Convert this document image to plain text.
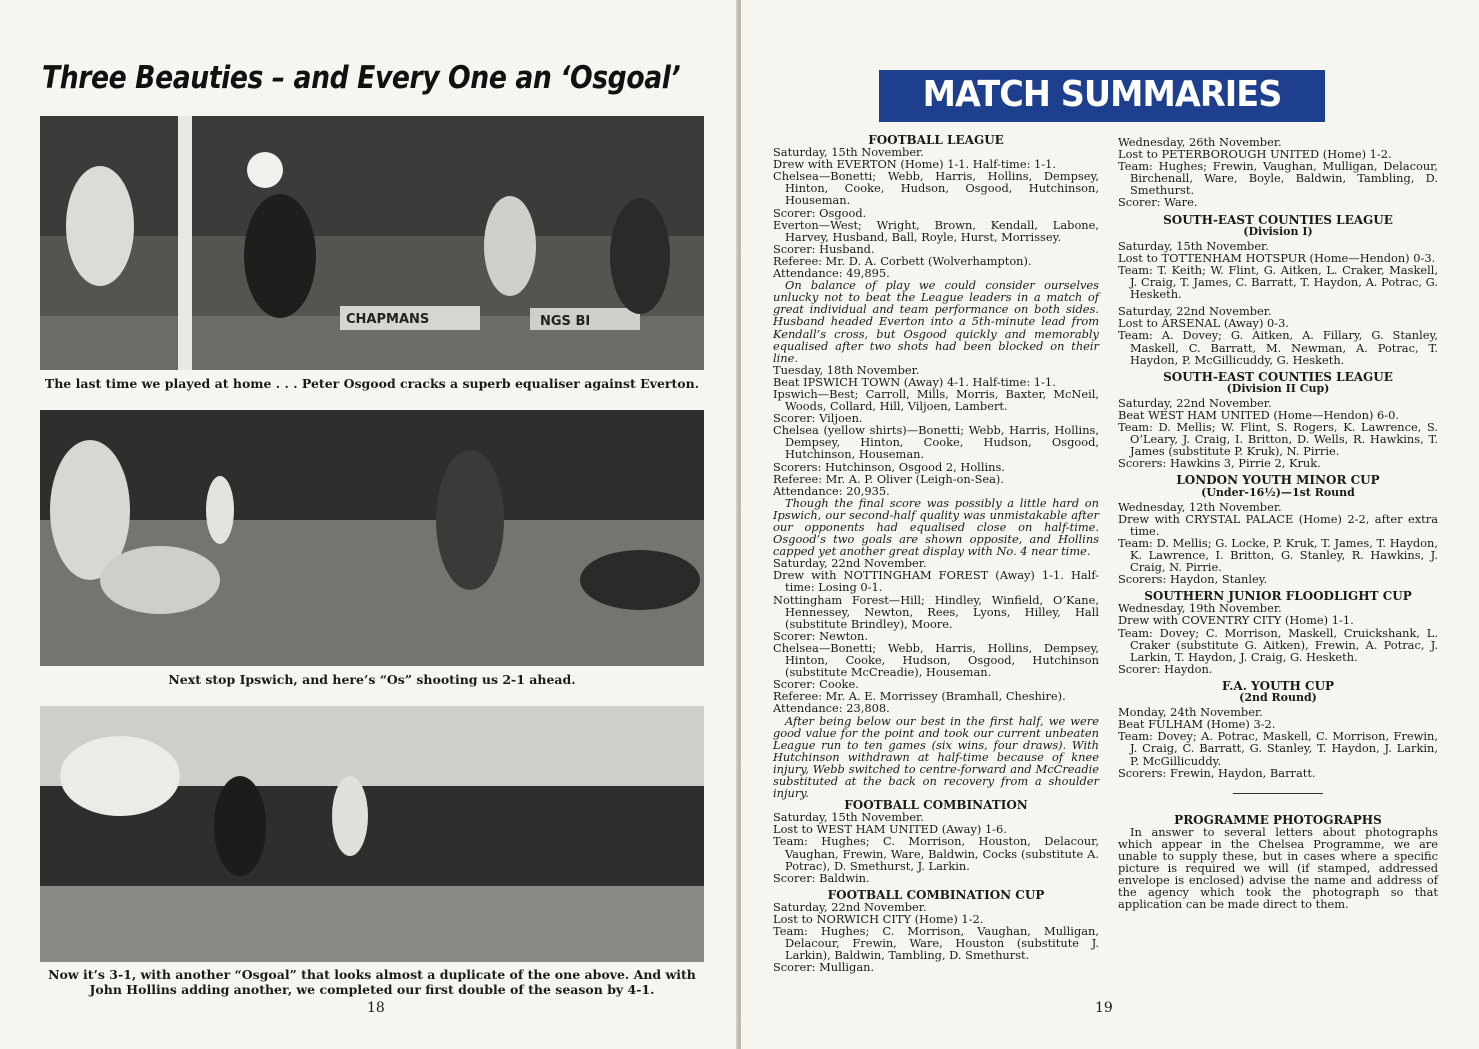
Three Beauties – and Every One an ‘Osgoal’
CHAPMANS	NGS BI
The last time we played at home . . . Peter Osgood cracks a superb equaliser against Everton.
Next stop Ipswich, and here’s “Os” shooting us 2-1 ahead.
Now it’s 3-1, with another “Osgoal” that looks almost a duplicate of the one above. And with John Hollins adding another, we completed our first double of the season by 4-1.
18
MATCH SUMMARIES

FOOTBALL LEAGUE

Saturday, 15th November.

Drew with EVERTON (Home) 1-1. Half-time: 1-1.

Chelsea—Bonetti; Webb, Harris, Hollins, Dempsey, Hinton, Cooke, Hudson, Osgood, Hutchinson, Houseman.

Scorer: Osgood.

Everton—West; Wright, Brown, Kendall, Labone, Harvey, Husband, Ball, Royle, Hurst, Morrissey.

Scorer: Husband.

Referee: Mr. D. A. Corbett (Wolverhampton).

Attendance: 49,895.

On balance of play we could consider ourselves unlucky not to beat the League leaders in a match of great individual and team performance on both sides. Husband headed Everton into a 5th-minute lead from Kendall’s cross, but Osgood quickly and memorably equalised after two shots had been blocked on their line.

Tuesday, 18th November.

Beat IPSWICH TOWN (Away) 4-1. Half-time: 1-1.

Ipswich—Best; Carroll, Mills, Morris, Baxter, McNeil, Woods, Collard, Hill, Viljoen, Lambert.

Scorer: Viljoen.

Chelsea (yellow shirts)—Bonetti; Webb, Harris, Hollins, Dempsey, Hinton, Cooke, Hudson, Osgood, Hutchinson, Houseman.

Scorers: Hutchinson, Osgood 2, Hollins.

Referee: Mr. A. P. Oliver (Leigh-on-Sea).

Attendance: 20,935.

Though the final score was possibly a little hard on Ipswich, our second-half quality was unmistakable after our opponents had equalised close on half-time. Osgood’s two goals are shown opposite, and Hollins capped yet another great display with No. 4 near time.

Saturday, 22nd November.

Drew with NOTTINGHAM FOREST (Away) 1-1. Half-time: Losing 0-1.

Nottingham Forest—Hill; Hindley, Winfield, O’Kane, Hennessey, Newton, Rees, Lyons, Hilley, Hall (substitute Brindley), Moore.

Scorer: Newton.

Chelsea—Bonetti; Webb, Harris, Hollins, Dempsey, Hinton, Cooke, Hudson, Osgood, Hutchinson (substitute McCreadie), Houseman.

Scorer: Cooke.

Referee: Mr. A. E. Morrissey (Bramhall, Cheshire).

Attendance: 23,808.

After being below our best in the first half, we were good value for the point and took our current unbeaten League run to ten games (six wins, four draws). With Hutchinson withdrawn at half-time because of knee injury, Webb switched to centre-forward and McCreadie substituted at the back on recovery from a shoulder injury.

FOOTBALL COMBINATION

Saturday, 15th November.

Lost to WEST HAM UNITED (Away) 1-6.

Team: Hughes; C. Morrison, Houston, Delacour, Vaughan, Frewin, Ware, Baldwin, Cocks (substitute A. Potrac), D. Smethurst, J. Larkin.

Scorer: Baldwin.

FOOTBALL COMBINATION CUP

Saturday, 22nd November.

Lost to NORWICH CITY (Home) 1-2.

Team: Hughes; C. Morrison, Vaughan, Mulligan, Delacour, Frewin, Ware, Houston (substitute J. Larkin), Baldwin, Tambling, D. Smethurst.

Scorer: Mulligan.

Wednesday, 26th November.

Lost to PETERBOROUGH UNITED (Home) 1-2.

Team: Hughes; Frewin, Vaughan, Mulligan, Delacour, Birchenall, Ware, Boyle, Baldwin, Tambling, D. Smethurst.

Scorer: Ware.

SOUTH-EAST COUNTIES LEAGUE

(Division I)

Saturday, 15th November.

Lost to TOTTENHAM HOTSPUR (Home—Hendon) 0-3.

Team: T. Keith; W. Flint, G. Aitken, L. Craker, Maskell, J. Craig, T. James, C. Barratt, T. Haydon, A. Potrac, G. Hesketh.

Saturday, 22nd November.

Lost to ARSENAL (Away) 0-3.

Team: A. Dovey; G. Aitken, A. Fillary, G. Stanley, Maskell, C. Barratt, M. Newman, A. Potrac, T. Haydon, P. McGillicuddy, G. Hesketh.

SOUTH-EAST COUNTIES LEAGUE

(Division II Cup)

Saturday, 22nd November.

Beat WEST HAM UNITED (Home—Hendon) 6-0.

Team: D. Mellis; W. Flint, S. Rogers, K. Lawrence, S. O’Leary, J. Craig, I. Britton, D. Wells, R. Hawkins, T. James (substitute P. Kruk), N. Pirrie.

Scorers: Hawkins 3, Pirrie 2, Kruk.

LONDON YOUTH MINOR CUP

(Under-16½)—1st Round

Wednesday, 12th November.

Drew with CRYSTAL PALACE (Home) 2-2, after extra time.

Team: D. Mellis; G. Locke, P. Kruk, T. James, T. Haydon, K. Lawrence, I. Britton, G. Stanley, R. Hawkins, J. Craig, N. Pirrie.

Scorers: Haydon, Stanley.

SOUTHERN JUNIOR FLOODLIGHT CUP

Wednesday, 19th November.

Drew with COVENTRY CITY (Home) 1-1.

Team: Dovey; C. Morrison, Maskell, Cruickshank, L. Craker (substitute G. Aitken), Frewin, A. Potrac, J. Larkin, T. Haydon, J. Craig, G. Hesketh.

Scorer: Haydon.

F.A. YOUTH CUP

(2nd Round)

Monday, 24th November.

Beat FULHAM (Home) 3-2.

Team: Dovey; A. Potrac, Maskell, C. Morrison, Frewin, J. Craig, C. Barratt, G. Stanley, T. Haydon, J. Larkin, P. McGillicuddy.

Scorers: Frewin, Haydon, Barratt.

PROGRAMME PHOTOGRAPHS

In answer to several letters about photographs which appear in the Chelsea Programme, we are unable to supply these, but in cases where a specific picture is required we will (if stamped, addressed envelope is enclosed) advise the name and address of the agency which took the photograph so that application can be made direct to them.

19
